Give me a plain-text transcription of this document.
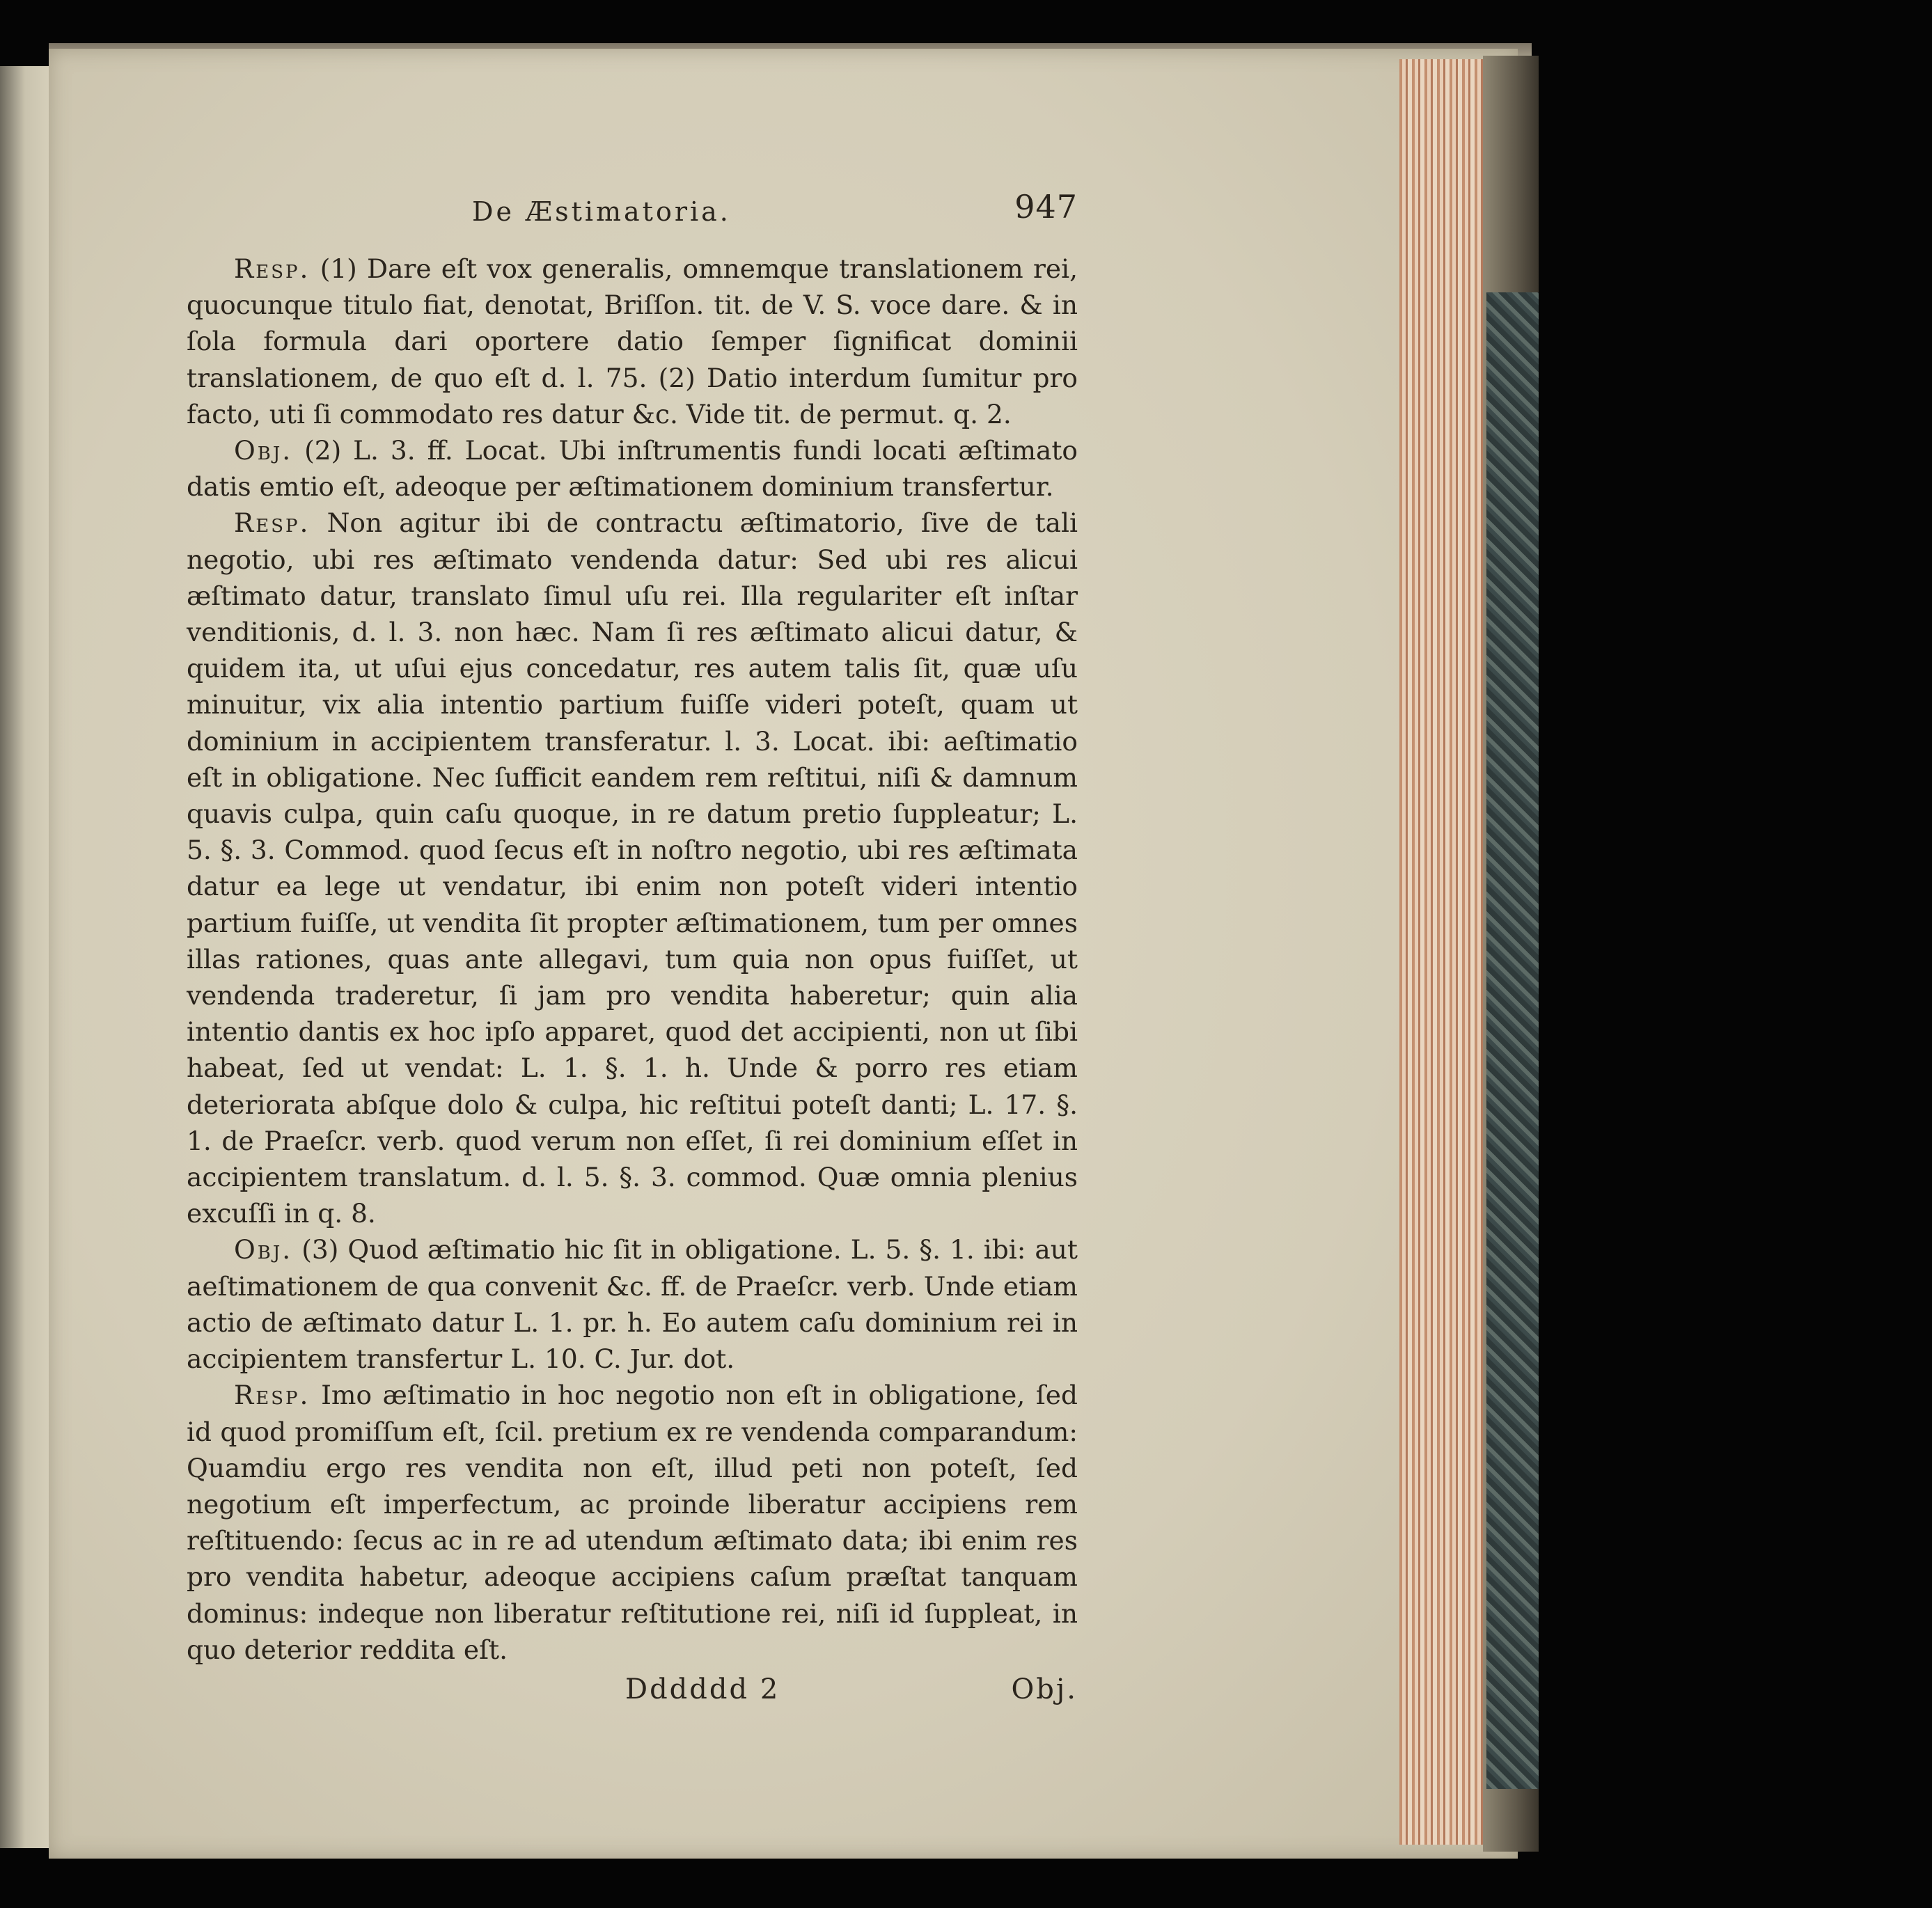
De Æstimatoria.	947

Resp. (1) Dare eſt vox generalis, omnemque translationem rei, quocunque titulo fiat, denotat, Briſſon. tit. de V. S. voce dare. & in ſola formula dari oportere datio ſemper ſignificat dominii translationem, de quo eſt d. l. 75. (2) Datio interdum ſumitur pro facto, uti ſi commodato res datur &c. Vide tit. de permut. q. 2.

Obj. (2) L. 3. ff. Locat. Ubi inſtrumentis fundi locati æſtimato datis emtio eſt, adeoque per æſtimationem dominium transfertur.

Resp. Non agitur ibi de contractu æſtimatorio, ſive de tali negotio, ubi res æſtimato vendenda datur: Sed ubi res alicui æſtimato datur, translato ſimul uſu rei. Illa regulariter eſt inſtar venditionis, d. l. 3. non hæc. Nam ſi res æſtimato alicui datur, & quidem ita, ut uſui ejus concedatur, res autem talis ſit, quæ uſu minuitur, vix alia intentio partium fuiſſe videri poteſt, quam ut dominium in accipientem transferatur. l. 3. Locat. ibi: aeſtimatio eſt in obligatione. Nec ſufficit eandem rem reſtitui, niſi & damnum quavis culpa, quin caſu quoque, in re datum pretio ſuppleatur; L. 5. §. 3. Commod. quod ſecus eſt in noſtro negotio, ubi res æſtimata datur ea lege ut vendatur, ibi enim non poteſt videri intentio partium fuiſſe, ut vendita ſit propter æſtimationem, tum per omnes illas rationes, quas ante allegavi, tum quia non opus fuiſſet, ut vendenda traderetur, ſi jam pro vendita haberetur; quin alia intentio dantis ex hoc ipſo apparet, quod det accipienti, non ut ſibi habeat, ſed ut vendat: L. 1. §. 1. h. Unde & porro res etiam deteriorata abſque dolo & culpa, hic reſtitui poteſt danti; L. 17. §. 1. de Praeſcr. verb. quod verum non eſſet, ſi rei dominium eſſet in accipientem translatum. d. l. 5. §. 3. commod. Quæ omnia plenius excuſſi in q. 8.

Obj. (3) Quod æſtimatio hic ſit in obligatione. L. 5. §. 1. ibi: aut aeſtimationem de qua convenit &c. ff. de Praeſcr. verb. Unde etiam actio de æſtimato datur L. 1. pr. h. Eo autem caſu dominium rei in accipientem transfertur L. 10. C. Jur. dot.

Resp. Imo æſtimatio in hoc negotio non eſt in obligatione, ſed id quod promiſſum eſt, ſcil. pretium ex re vendenda comparandum: Quamdiu ergo res vendita non eſt, illud peti non poteſt, ſed negotium eſt imperfectum, ac proinde liberatur accipiens rem reſtituendo: ſecus ac in re ad utendum æſtimato data; ibi enim res pro vendita habetur, adeoque accipiens caſum præſtat tanquam dominus: indeque non liberatur reſtitutione rei, niſi id ſuppleat, in quo deterior reddita eſt.

Dddddd 2	Obj.
